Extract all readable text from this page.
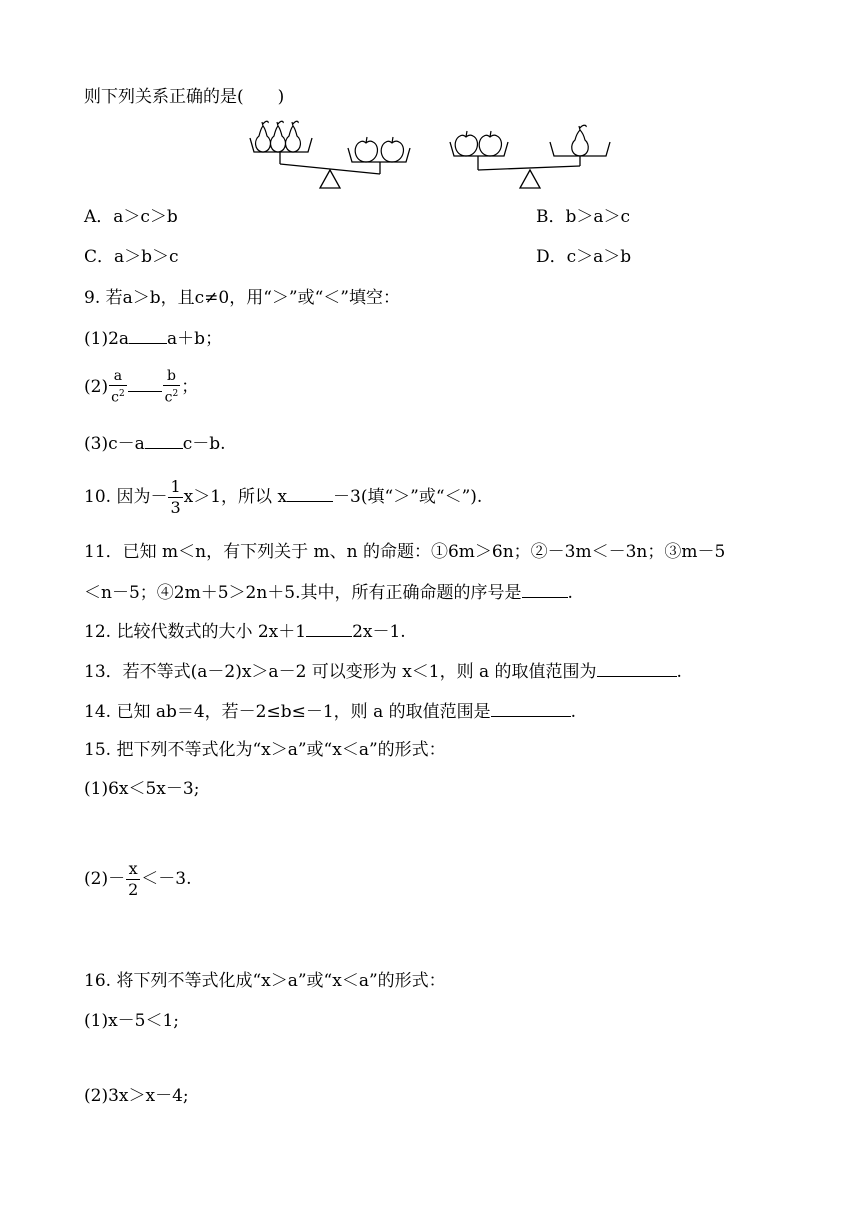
则下列关系正确的是(　　)
A．a＞c＞b	B．b＞a＞c
C．a＞b＞c	D．c＞a＞b
9. 若a＞b，且c≠0，用“＞”或“＜”填空：
(1)2a a＋b；
$(2) \frac{a}{c^2}$	$\frac{b}{c^2}$ ；
(3)c－a c－b.
10. 因为－ $\frac{1}{3} x>1$，所以 x	－3(填“＞”或“＜”).
11．已知 m＜n，有下列关于 m、n 的命题：①6m＞6n；②－3m＜－3n；③m－5
＜n－5；④2m＋5＞2n＋5.其中，所有正确命题的序号是	.
12. 比较代数式的大小 2x＋1	2x－1.
13．若不等式(a－2)x＞a－2 可以变形为 x＜1，则 a 的取值范围为	.
14. 已知 ab＝4，若－2≤b≤－1，则 a 的取值范围是	.
15. 把下列不等式化为“x＞a”或“x＜a”的形式：
(1)6x＜5x－3;
$(2)- \frac{x}{2} <-3$.
16. 将下列不等式化成“x＞a”或“x＜a”的形式：
(1)x－5＜1;
(2)3x＞x－4;
